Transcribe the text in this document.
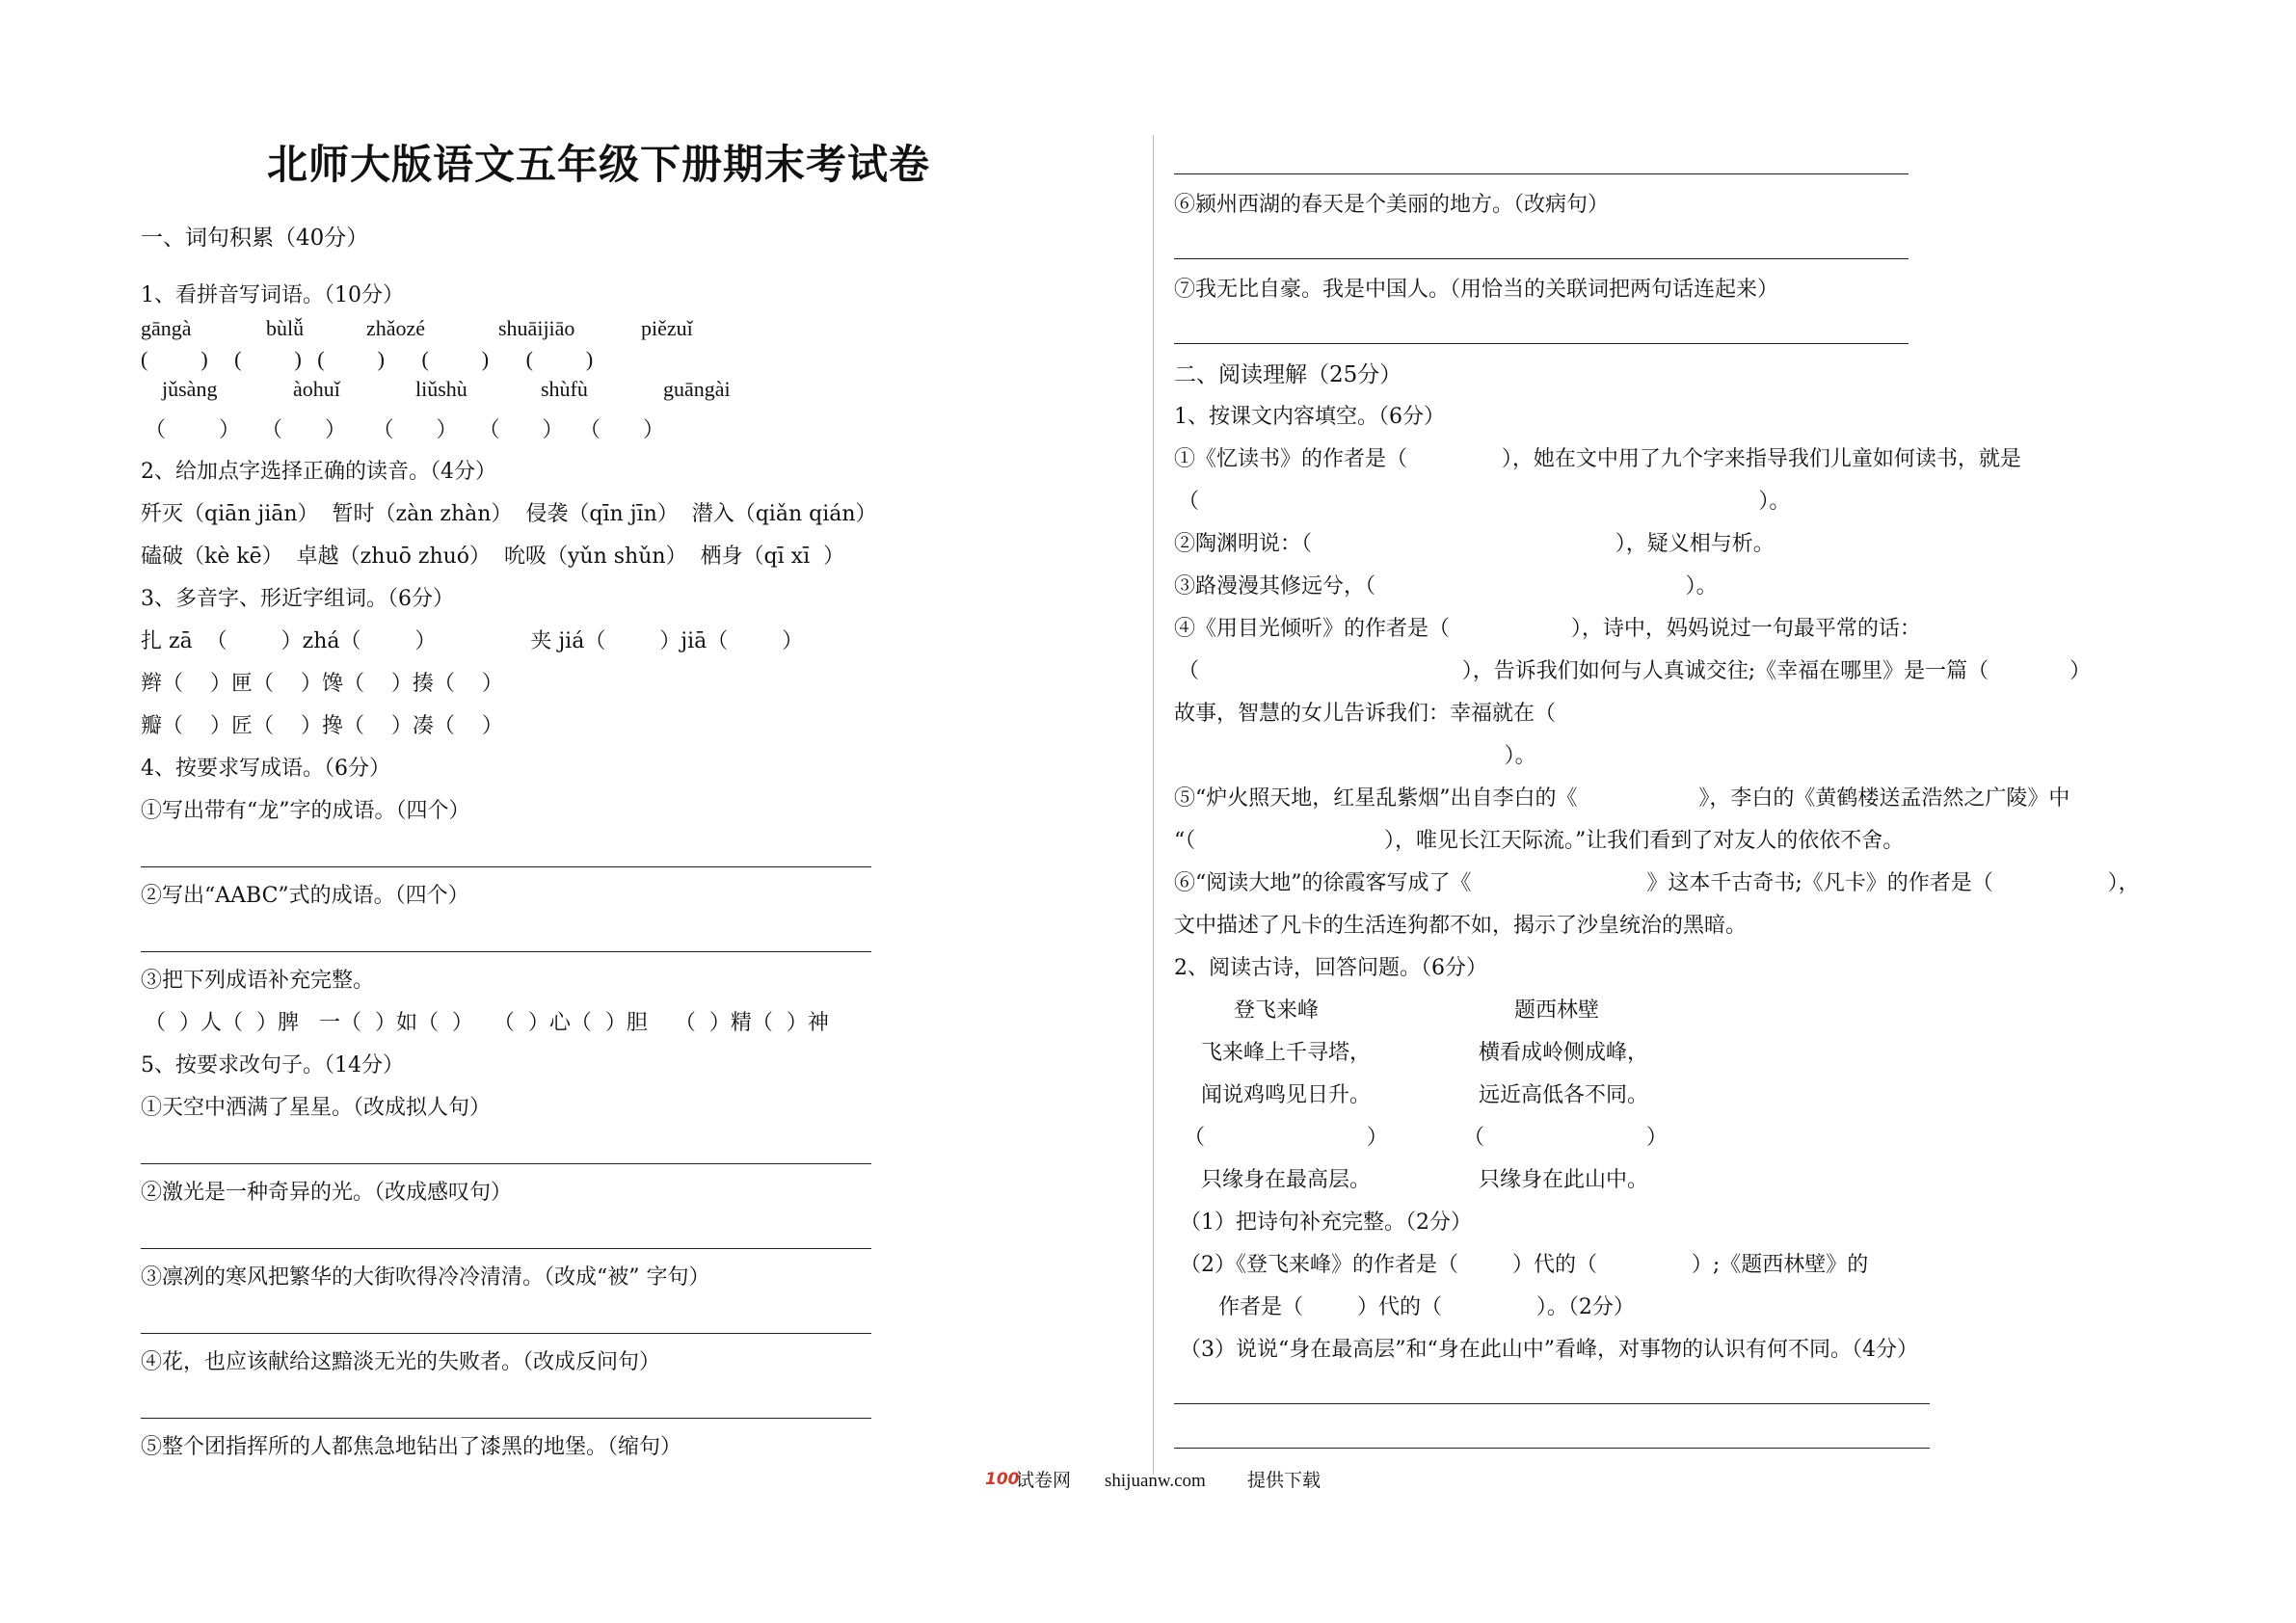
北师大版语文五年级下册期末考试卷
一、词句积累（40分）
1、看拼音写词语。（10分）
gāngà	bùlǚ	zhǎozé	shuāijiāo	piězuǐ
(          )     (          )   (          )       (          )       (          )
jǔsàng	àohuǐ	liǔshù	shùfù	guāngài
（          ）    （        ）     （        ）    （        ）   （        ）
2、给加点字选择正确的读音。（4分）
歼灭（qiān jiān）  暂时（zàn zhàn）  侵袭（qīn jīn）  潜入（qiǎn qián）
磕破（kè kē）  卓越（zhuō zhuó）  吮吸（yǔn shǔn）  栖身（qī xī  ）
3、多音字、形近字组词。（6分）
扎 zā  （        ）zhá（        ）              夹 jiá（        ）jiā（        ）
辫（    ）匣（    ）馋（    ）揍（    ）
瓣（    ）匠（    ）搀（    ）凑（    ）
4、按要求写成语。（6分）
①写出带有“龙”字的成语。（四个）
②写出“AABC”式的成语。（四个）
③把下列成语补充完整。
（  ）人（  ）脾   一（  ）如（  ）   （  ）心（  ）胆    （  ）精（  ）神
5、按要求改句子。（14分）
①天空中洒满了星星。（改成拟人句）
②激光是一种奇异的光。（改成感叹句）
③凛冽的寒风把繁华的大街吹得冷冷清清。（改成“被” 字句）
④花，也应该献给这黯淡无光的失败者。（改成反问句）
⑤整个团指挥所的人都焦急地钻出了漆黑的地堡。（缩句）
⑥颍州西湖的春天是个美丽的地方。（改病句）
⑦我无比自豪。我是中国人。（用恰当的关联词把两句话连起来）
二、阅读理解（25分）
1、按课文内容填空。（6分）
①《忆读书》的作者是（              ），她在文中用了九个字来指导我们儿童如何读书，就是
（                                                                                   ）。
②陶渊明说：（                                             ），疑义相与析。
③路漫漫其修远兮，（                                              ）。
④《用目光倾听》的作者是（                  ），诗中，妈妈说过一句最平常的话：
（                                       ），告诉我们如何与人真诚交往;《幸福在哪里》是一篇（            ）
故事，智慧的女儿告诉我们：幸福就在（
）。
⑤“炉火照天地，红星乱紫烟”出自李白的《                  》，李白的《黄鹤楼送孟浩然之广陵》中
“（                            ），唯见长江天际流。”让我们看到了对友人的依依不舍。
⑥“阅读大地”的徐霞客写成了《                          》这本千古奇书;《凡卡》的作者是（                 ），
文中描述了凡卡的生活连狗都不如，揭示了沙皇统治的黑暗。
2、阅读古诗，回答问题。（6分）
登飞来峰	题西林壁
飞来峰上千寻塔，	横看成岭侧成峰，
闻说鸡鸣见日升。	远近高低各不同。
（                        ）	（                        ）
只缘身在最高层。	只缘身在此山中。
（1）把诗句补充完整。（2分）
（2）《登飞来峰》的作者是（        ）代的（              ）;《题西林壁》的
作者是（        ）代的（              ）。（2分）
（3）说说“身在最高层”和“身在此山中”看峰，对事物的认识有何不同。（4分）
100
试卷网 shijuanw.com 提供下载
